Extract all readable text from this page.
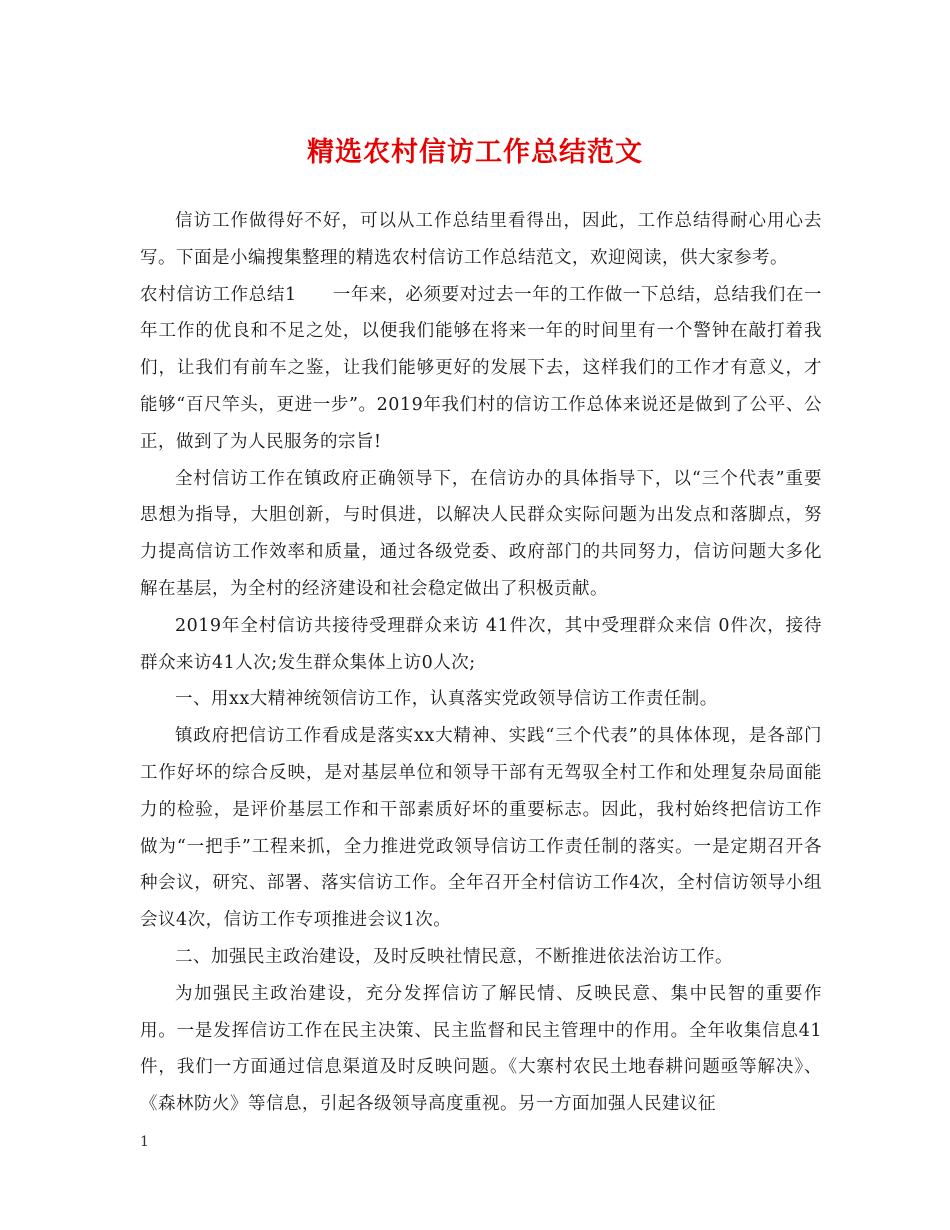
精选农村信访工作总结范文

信访工作做得好不好，可以从工作总结里看得出，因此，工作总结得耐心用心去写。下面是小编搜集整理的精选农村信访工作总结范文，欢迎阅读，供大家参考。

农村信访工作总结1　　一年来，必须要对过去一年的工作做一下总结，总结我们在一年工作的优良和不足之处，以便我们能够在将来一年的时间里有一个警钟在敲打着我们，让我们有前车之鉴，让我们能够更好的发展下去，这样我们的工作才有意义，才能够“百尺竿头，更进一步”。2019年我们村的信访工作总体来说还是做到了公平、公正，做到了为人民服务的宗旨!

全村信访工作在镇政府正确领导下，在信访办的具体指导下，以“三个代表”重要思想为指导，大胆创新，与时俱进，以解决人民群众实际问题为出发点和落脚点，努力提高信访工作效率和质量，通过各级党委、政府部门的共同努力，信访问题大多化解在基层，为全村的经济建设和社会稳定做出了积极贡献。

2019年全村信访共接待受理群众来访 41件次，其中受理群众来信 0件次，接待群众来访41人次;发生群众集体上访0人次;

一、用xx大精神统领信访工作，认真落实党政领导信访工作责任制。

镇政府把信访工作看成是落实xx大精神、实践“三个代表”的具体体现，是各部门工作好坏的综合反映，是对基层单位和领导干部有无驾驭全村工作和处理复杂局面能力的检验，是评价基层工作和干部素质好坏的重要标志。因此，我村始终把信访工作做为“一把手”工程来抓，全力推进党政领导信访工作责任制的落实。一是定期召开各种会议，研究、部署、落实信访工作。全年召开全村信访工作4次，全村信访领导小组会议4次，信访工作专项推进会议1次。

二、加强民主政治建设，及时反映社情民意，不断推进依法治访工作。

为加强民主政治建设，充分发挥信访了解民情、反映民意、集中民智的重要作用。一是发挥信访工作在民主决策、民主监督和民主管理中的作用。全年收集信息41件，我们一方面通过信息渠道及时反映问题。《大寨村农民土地春耕问题亟等解决》、《森林防火》等信息，引起各级领导高度重视。另一方面加强人民建议征

1
